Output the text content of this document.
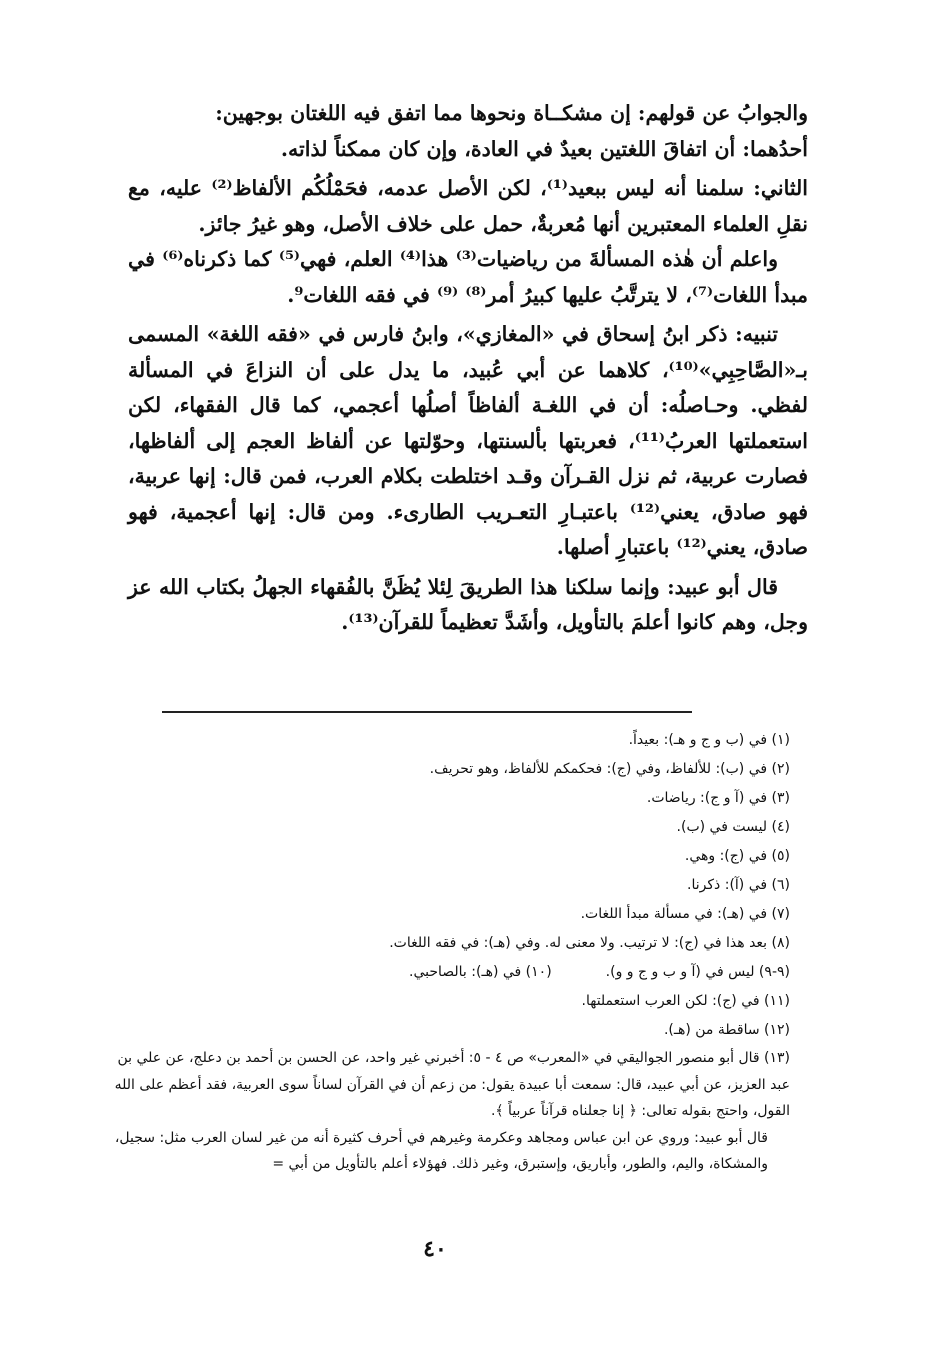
والجوابُ عن قولهم: إن مشكــاة ونحوها مما اتفق فيه اللغتان بوجهين:

أحدُهما: أن اتفاقَ اللغتين بعيدٌ في العادة، وإن كان ممكناً لذاته.

الثاني: سلمنا أنه ليس ببعيد⁽¹⁾، لكن الأصل عدمه، فحَمْلُكُم الألفاظ⁽²⁾ عليه، مع نقلِ العلماء المعتبرين أنها مُعربةٌ، حمل على خلاف الأصل، وهو غيرُ جائز.

واعلم أن هٰذه المسألةَ من رياضيات⁽³⁾ هذا⁽⁴⁾ العلم، فهي⁽⁵⁾ كما ذكرناه⁽⁶⁾ في مبدأ اللغات⁽⁷⁾، لا يترتَّبُ عليها كبيرُ أمر⁽⁸⁾ ⁽⁹⁾ في فقه اللغات⁹.

تنبيه: ذكر ابنُ إسحاق في «المغازي»، وابنُ فارس في «فقه اللغة» المسمى بـ«الصَّاحِبِي»⁽¹⁰⁾، كلاهما عن أبي عُبيد، ما يدل على أن النزاعَ في المسألة لفظي. وحـاصلُه: أن في اللغـة ألفاظاً أصلُها أعجمي، كما قال الفقهاء، لكن استعملتها العربُ⁽¹¹⁾، فعربتها بألسنتها، وحوّلتها عن ألفاظ العجم إلى ألفاظها، فصارت عربية، ثم نزل القـرآن وقـد اختلطت بكلام العرب، فمن قال: إنها عربية، فهو صادق، يعني⁽¹²⁾ باعتبـارِ التعـريب الطارىء. ومن قال: إنها أعجمية، فهو صادق، يعني⁽¹²⁾ باعتبارِ أصلها.

قال أبو عبيد: وإنما سلكنا هذا الطريقَ لِئلا يُظَنَّ بالفُقهاء الجهلُ بكتاب الله عز وجل، وهم كانوا أعلمَ بالتأويل، وأشَدَّ تعظيماً للقرآن⁽¹³⁾.

(١) في (ب و ج و هـ): بعيداً.

(٢) في (ب): للألفاظ، وفي (ج): فحكمكم للألفاظ، وهو تحريف.

(٣) في (آ و ج): رياضات.

(٤) ليست في (ب).

(٥) في (ج): وهي.

(٦) في (آ): ذكرنا.

(٧) في (هـ): في مسألة مبدأ اللغات.

(٨) بعد هذا في (ج): لا ترتيب. ولا معنى له. وفي (هـ): في فقه اللغات.

(٩-٩) ليس في (آ و ب و ج و و).
(١٠) في (هـ): بالصاحبي.

(١١) في (ج): لكن العرب استعملتها.

(١٢) ساقطة من (هـ).

(١٣) قال أبو منصور الجواليقي في «المعرب» ص ٤ - ٥: أخبرني غير واحد، عن الحسن بن أحمد بن دعلج، عن علي بن عبد العزيز، عن أبي عبيد، قال: سمعت أبا عبيدة يقول: من زعم أن في القرآن لساناً سوى العربية، فقد أعظم على الله القول، واحتج بقوله تعالى: ﴿ إنا جعلناه قرآناً عربياً ﴾.

قال أبو عبيد: وروي عن ابن عباس ومجاهد وعكرمة وغيرهم في أحرف كثيرة أنه من غير لسان العرب مثل: سجيل، والمشكاة، واليم، والطور، وأباريق، وإستبرق، وغير ذلك. فهؤلاء أعلم بالتأويل من أبي =

٤٠
